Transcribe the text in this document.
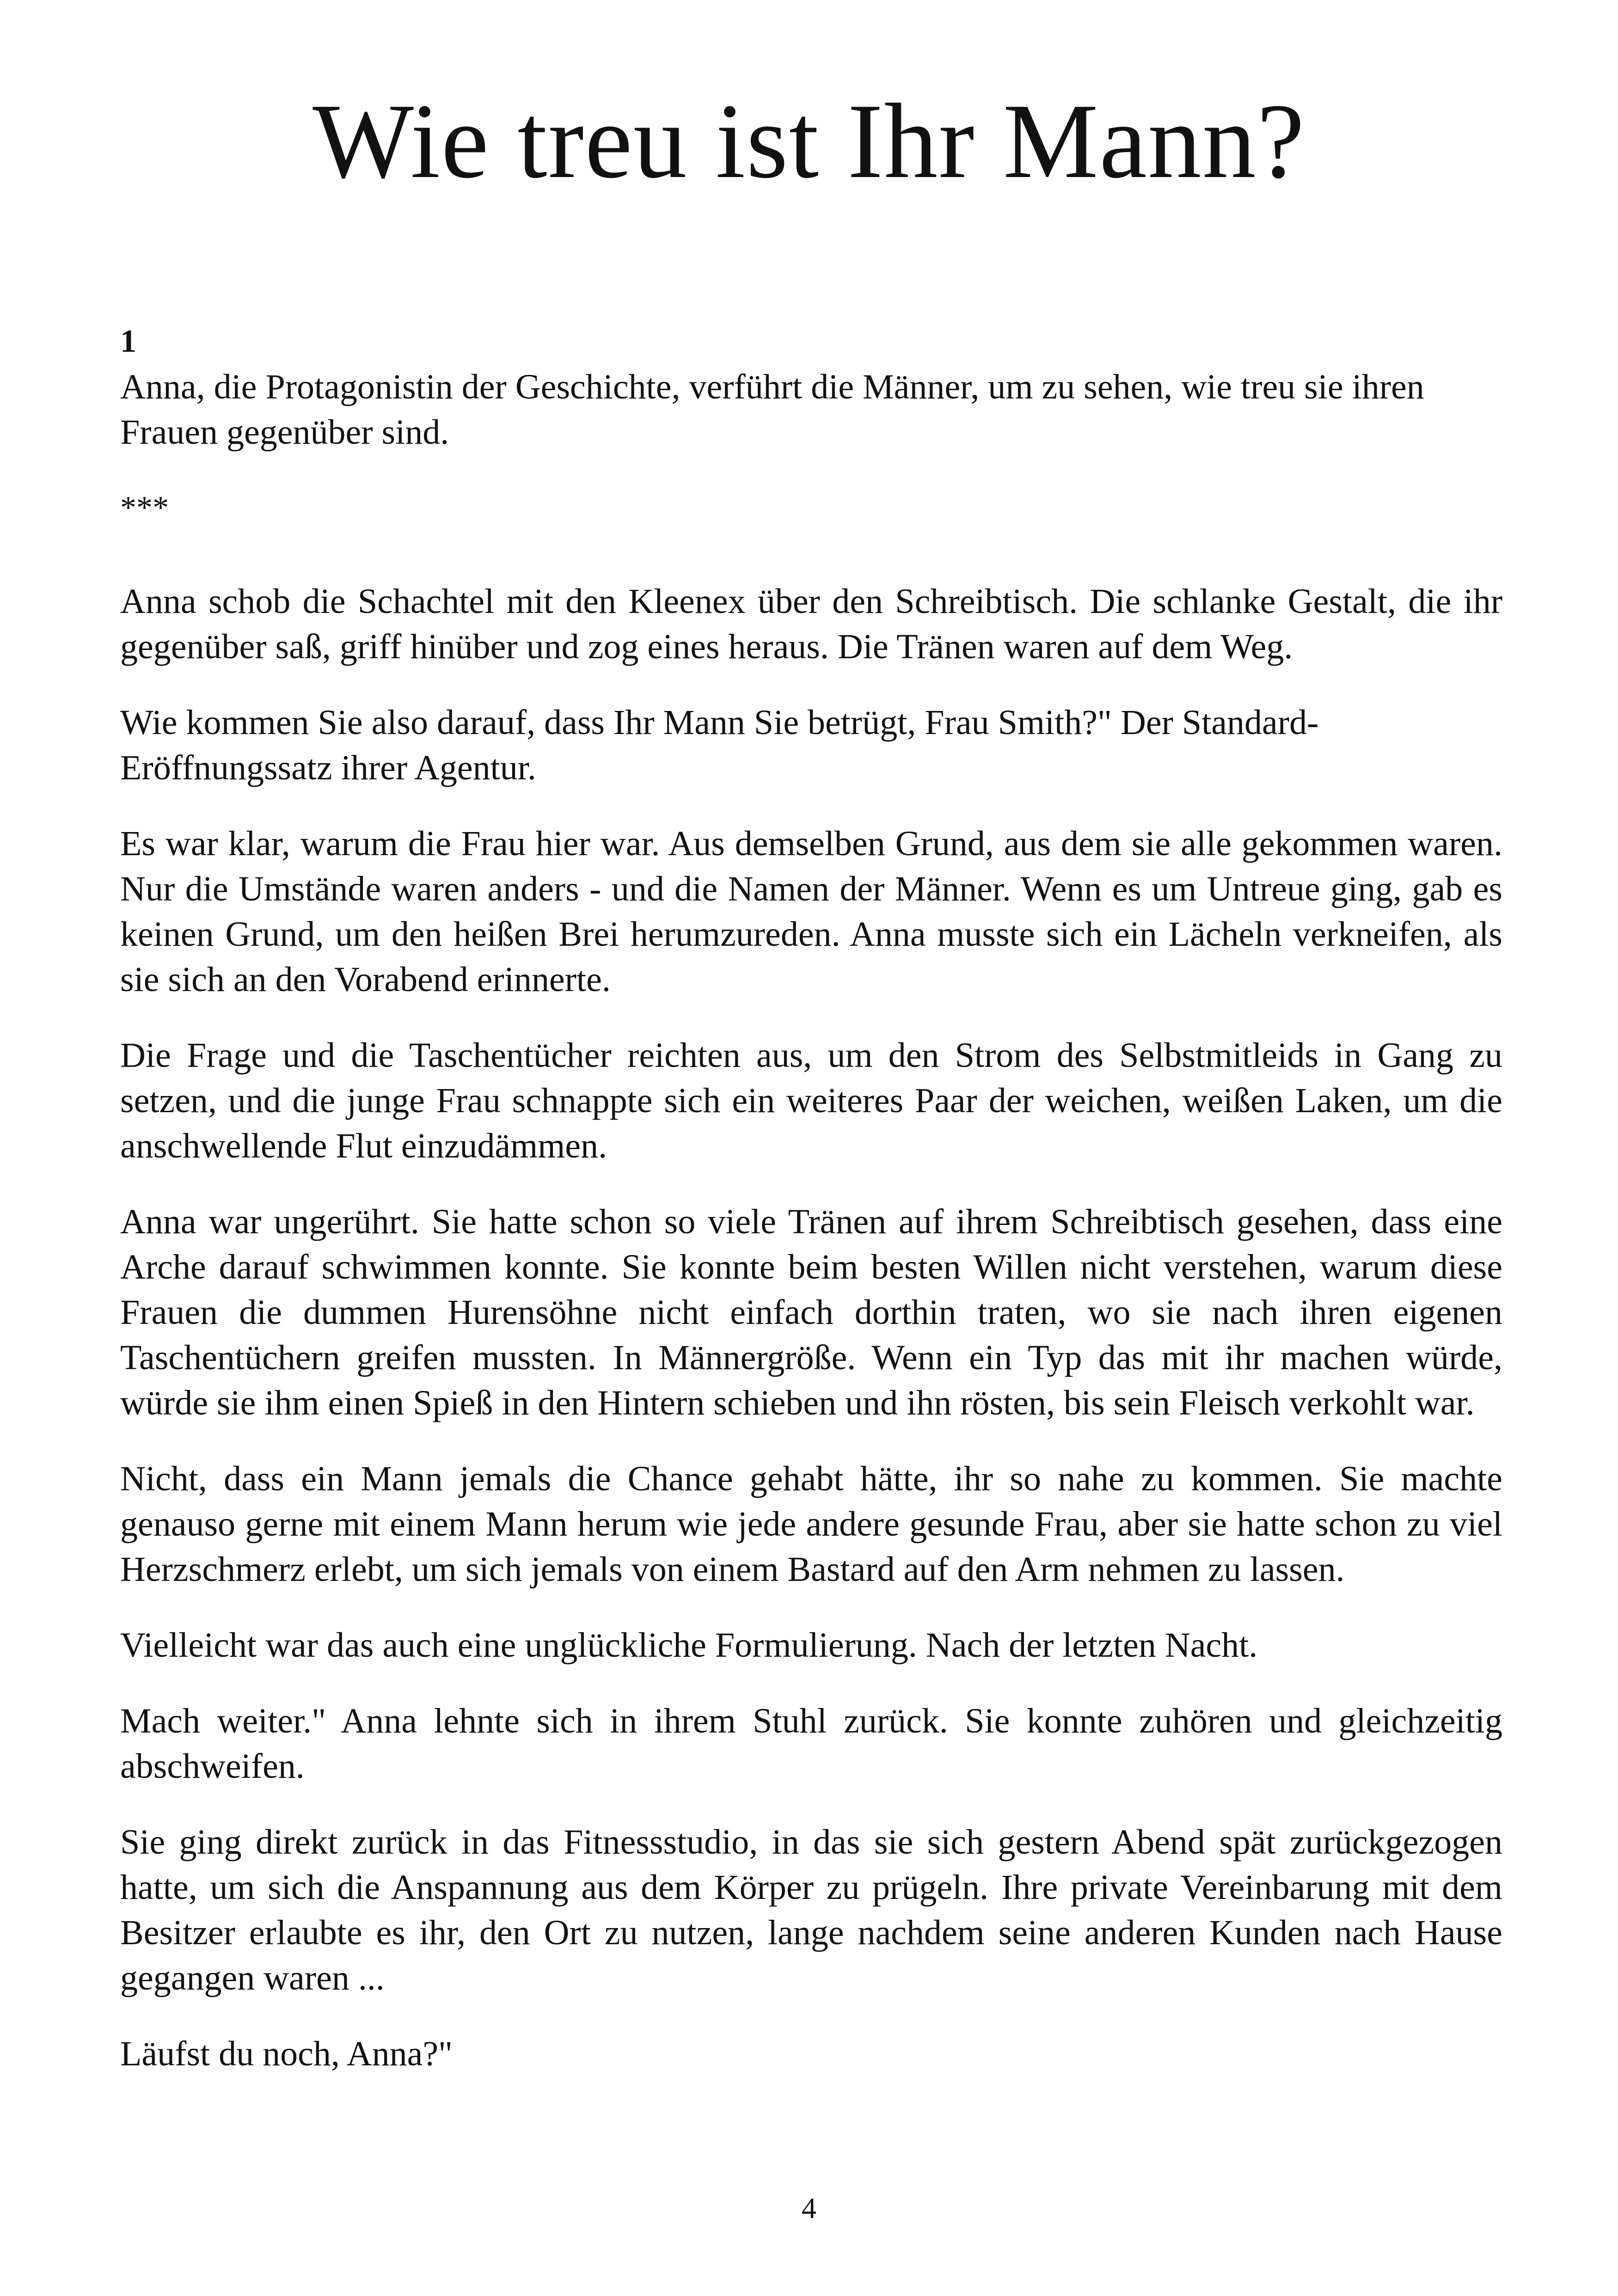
Wie treu ist Ihr Mann?

1

Anna, die Protagonistin der Geschichte, verführt die Männer, um zu sehen, wie treu sie ihren Frauen gegenüber sind.

***

Anna schob die Schachtel mit den Kleenex über den Schreibtisch. Die schlanke Gestalt, die ihr gegenüber saß, griff hinüber und zog eines heraus. Die Tränen waren auf dem Weg.

Wie kommen Sie also darauf, dass Ihr Mann Sie betrügt, Frau Smith?" Der Standard-Eröffnungssatz ihrer Agentur.

Es war klar, warum die Frau hier war. Aus demselben Grund, aus dem sie alle gekommen waren. Nur die Umstände waren anders - und die Namen der Männer. Wenn es um Untreue ging, gab es keinen Grund, um den heißen Brei herumzureden. Anna musste sich ein Lächeln verkneifen, als sie sich an den Vorabend erinnerte.

Die Frage und die Taschentücher reichten aus, um den Strom des Selbstmitleids in Gang zu setzen, und die junge Frau schnappte sich ein weiteres Paar der weichen, weißen Laken, um die anschwellende Flut einzudämmen.

Anna war ungerührt. Sie hatte schon so viele Tränen auf ihrem Schreibtisch gesehen, dass eine Arche darauf schwimmen konnte. Sie konnte beim besten Willen nicht verstehen, warum diese Frauen die dummen Hurensöhne nicht einfach dorthin traten, wo sie nach ihren eigenen Taschentüchern greifen mussten. In Männergröße. Wenn ein Typ das mit ihr machen würde, würde sie ihm einen Spieß in den Hintern schieben und ihn rösten, bis sein Fleisch verkohlt war.

Nicht, dass ein Mann jemals die Chance gehabt hätte, ihr so nahe zu kommen. Sie machte genauso gerne mit einem Mann herum wie jede andere gesunde Frau, aber sie hatte schon zu viel Herzschmerz erlebt, um sich jemals von einem Bastard auf den Arm nehmen zu lassen.

Vielleicht war das auch eine unglückliche Formulierung. Nach der letzten Nacht.

Mach weiter." Anna lehnte sich in ihrem Stuhl zurück. Sie konnte zuhören und gleichzeitig abschweifen.

Sie ging direkt zurück in das Fitnessstudio, in das sie sich gestern Abend spät zurückgezogen hatte, um sich die Anspannung aus dem Körper zu prügeln. Ihre private Vereinbarung mit dem Besitzer erlaubte es ihr, den Ort zu nutzen, lange nachdem seine anderen Kunden nach Hause gegangen waren ...

Läufst du noch, Anna?"

4
